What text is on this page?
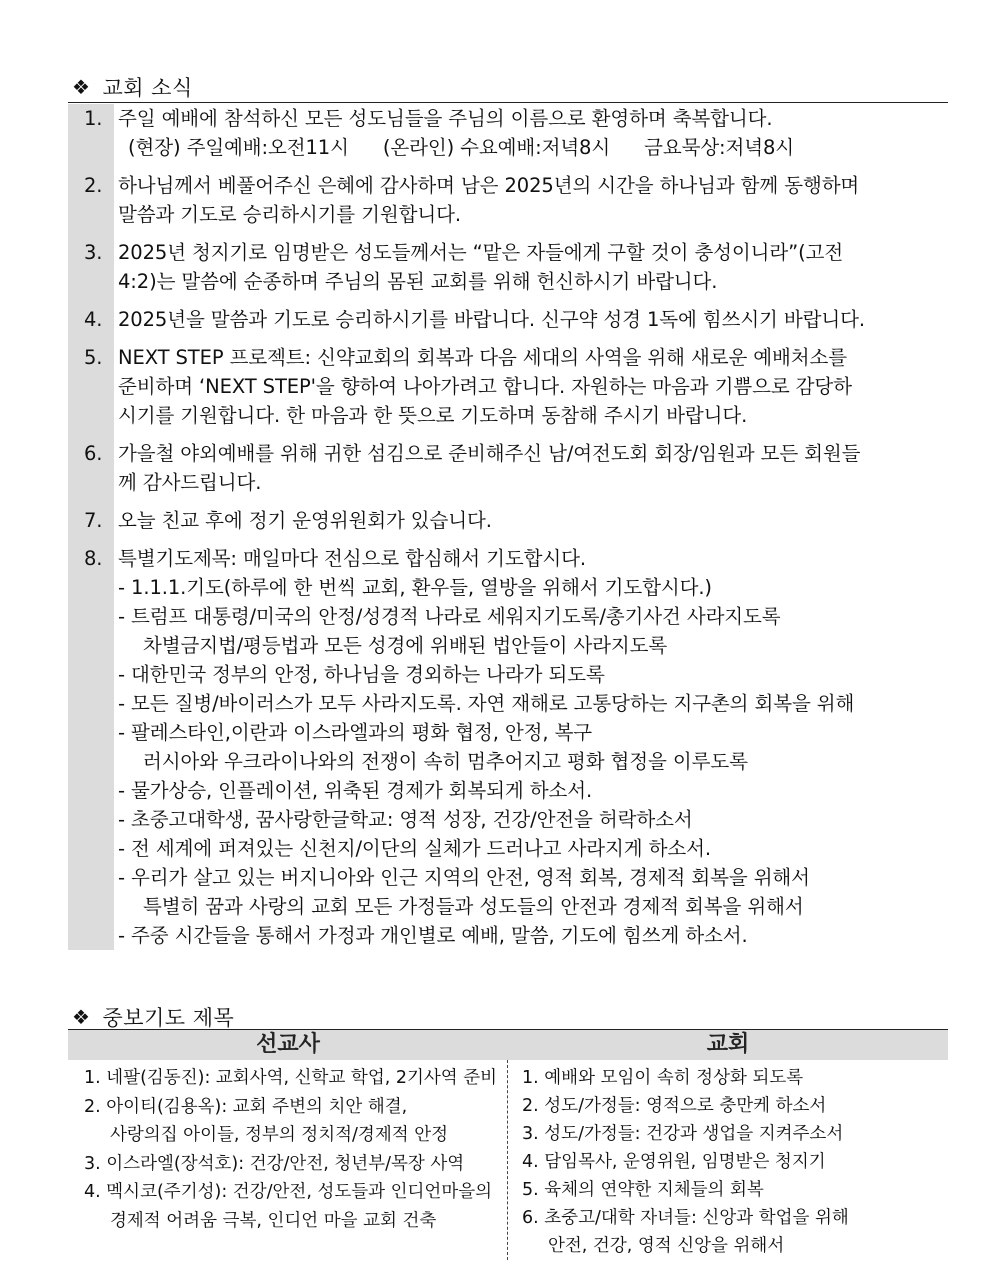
❖ 교회 소식
1. 주일 예배에 참석하신 모든 성도님들을 주님의 이름으로 환영하며 축복합니다.
(현장) 주일예배:오전11시 (온라인) 수요예배:저녁8시 금요묵상:저녁8시
2. 하나님께서 베풀어주신 은혜에 감사하며 남은 2025년의 시간을 하나님과 함께 동행하며
말씀과 기도로 승리하시기를 기원합니다.
3. 2025년 청지기로 임명받은 성도들께서는 “맡은 자들에게 구할 것이 충성이니라”(고전
4:2)는 말씀에 순종하며 주님의 몸된 교회를 위해 헌신하시기 바랍니다.
4. 2025년을 말씀과 기도로 승리하시기를 바랍니다. 신구약 성경 1독에 힘쓰시기 바랍니다.
5. NEXT STEP 프로젝트: 신약교회의 회복과 다음 세대의 사역을 위해 새로운 예배처소를
준비하며 ‘NEXT STEP'을 향하여 나아가려고 합니다. 자원하는 마음과 기쁨으로 감당하
시기를 기원합니다. 한 마음과 한 뜻으로 기도하며 동참해 주시기 바랍니다.
6. 가을철 야외예배를 위해 귀한 섬김으로 준비해주신 남/여전도회 회장/임원과 모든 회원들
께 감사드립니다.
7. 오늘 친교 후에 정기 운영위원회가 있습니다.
8. 특별기도제목: 매일마다 전심으로 합심해서 기도합시다.
- 1.1.1.기도(하루에 한 번씩 교회, 환우들, 열방을 위해서 기도합시다.)
- 트럼프 대통령/미국의 안정/성경적 나라로 세워지기도록/총기사건 사라지도록
차별금지법/평등법과 모든 성경에 위배된 법안들이 사라지도록
- 대한민국 정부의 안정, 하나님을 경외하는 나라가 되도록
- 모든 질병/바이러스가 모두 사라지도록. 자연 재해로 고통당하는 지구촌의 회복을 위해
- 팔레스타인,이란과 이스라엘과의 평화 협정, 안정, 복구
러시아와 우크라이나와의 전쟁이 속히 멈추어지고 평화 협정을 이루도록
- 물가상승, 인플레이션, 위축된 경제가 회복되게 하소서.
- 초중고대학생, 꿈사랑한글학교: 영적 성장, 건강/안전을 허락하소서
- 전 세계에 퍼져있는 신천지/이단의 실체가 드러나고 사라지게 하소서.
- 우리가 살고 있는 버지니아와 인근 지역의 안전, 영적 회복, 경제적 회복을 위해서
특별히 꿈과 사랑의 교회 모든 가정들과 성도들의 안전과 경제적 회복을 위해서
- 주중 시간들을 통해서 가정과 개인별로 예배, 말씀, 기도에 힘쓰게 하소서.
❖ 중보기도 제목
선교사	교회
1. 네팔(김동진): 교회사역, 신학교 학업, 2기사역 준비
2. 아이티(김용옥): 교회 주변의 치안 해결,
사랑의집 아이들, 정부의 정치적/경제적 안정
3. 이스라엘(장석호): 건강/안전, 청년부/목장 사역
4. 멕시코(주기성): 건강/안전, 성도들과 인디언마을의
경제적 어려움 극복, 인디언 마을 교회 건축
1. 예배와 모임이 속히 정상화 되도록
2. 성도/가정들: 영적으로 충만케 하소서
3. 성도/가정들: 건강과 생업을 지켜주소서
4. 담임목사, 운영위원, 임명받은 청지기
5. 육체의 연약한 지체들의 회복
6. 초중고/대학 자녀들: 신앙과 학업을 위해
안전, 건강, 영적 신앙을 위해서
